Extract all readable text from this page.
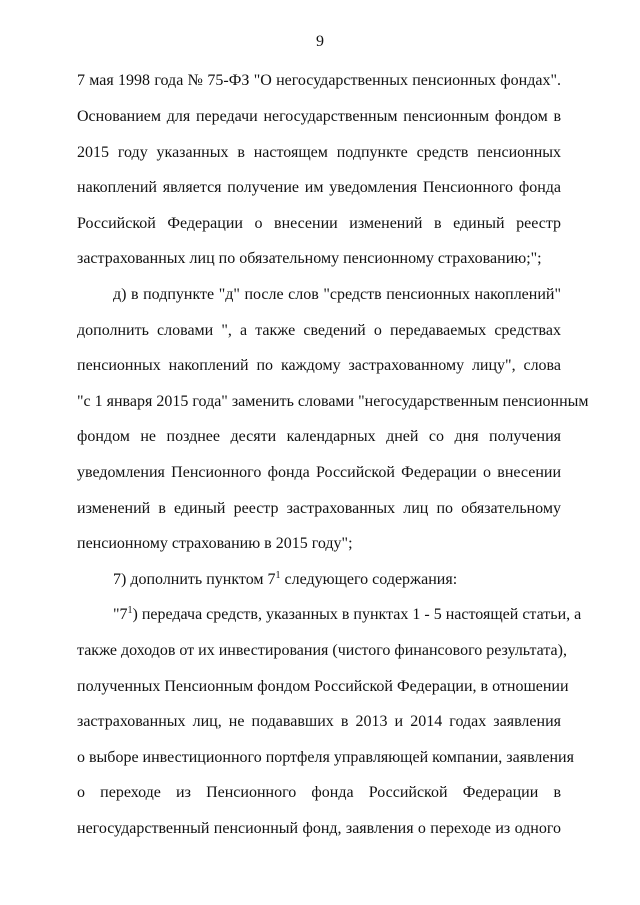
9
7 мая 1998 года № 75-ФЗ "О негосударственных пенсионных фондах".
Основанием для передачи негосударственным пенсионным фондом в
2015 году указанных в настоящем подпункте средств пенсионных
накоплений является получение им уведомления Пенсионного фонда
Российской Федерации о внесении изменений в единый реестр
застрахованных лиц по обязательному пенсионному страхованию;";
д) в подпункте "д" после слов "средств пенсионных накоплений"
дополнить словами ", а также сведений о передаваемых средствах
пенсионных накоплений по каждому застрахованному лицу", слова
"с 1 января 2015 года" заменить словами "негосударственным пенсионным
фондом не позднее десяти календарных дней со дня получения
уведомления Пенсионного фонда Российской Федерации о внесении
изменений в единый реестр застрахованных лиц по обязательному
пенсионному страхованию в 2015 году";
7) дополнить пунктом $7^1$ следующего содержания:
"$7^1$) передача средств, указанных в пунктах 1 - 5 настоящей статьи, а
также доходов от их инвестирования (чистого финансового результата),
полученных Пенсионным фондом Российской Федерации, в отношении
застрахованных лиц, не подававших в 2013 и 2014 годах заявления
о выборе инвестиционного портфеля управляющей компании, заявления
о переходе из Пенсионного фонда Российской Федерации в
негосударственный пенсионный фонд, заявления о переходе из одного
